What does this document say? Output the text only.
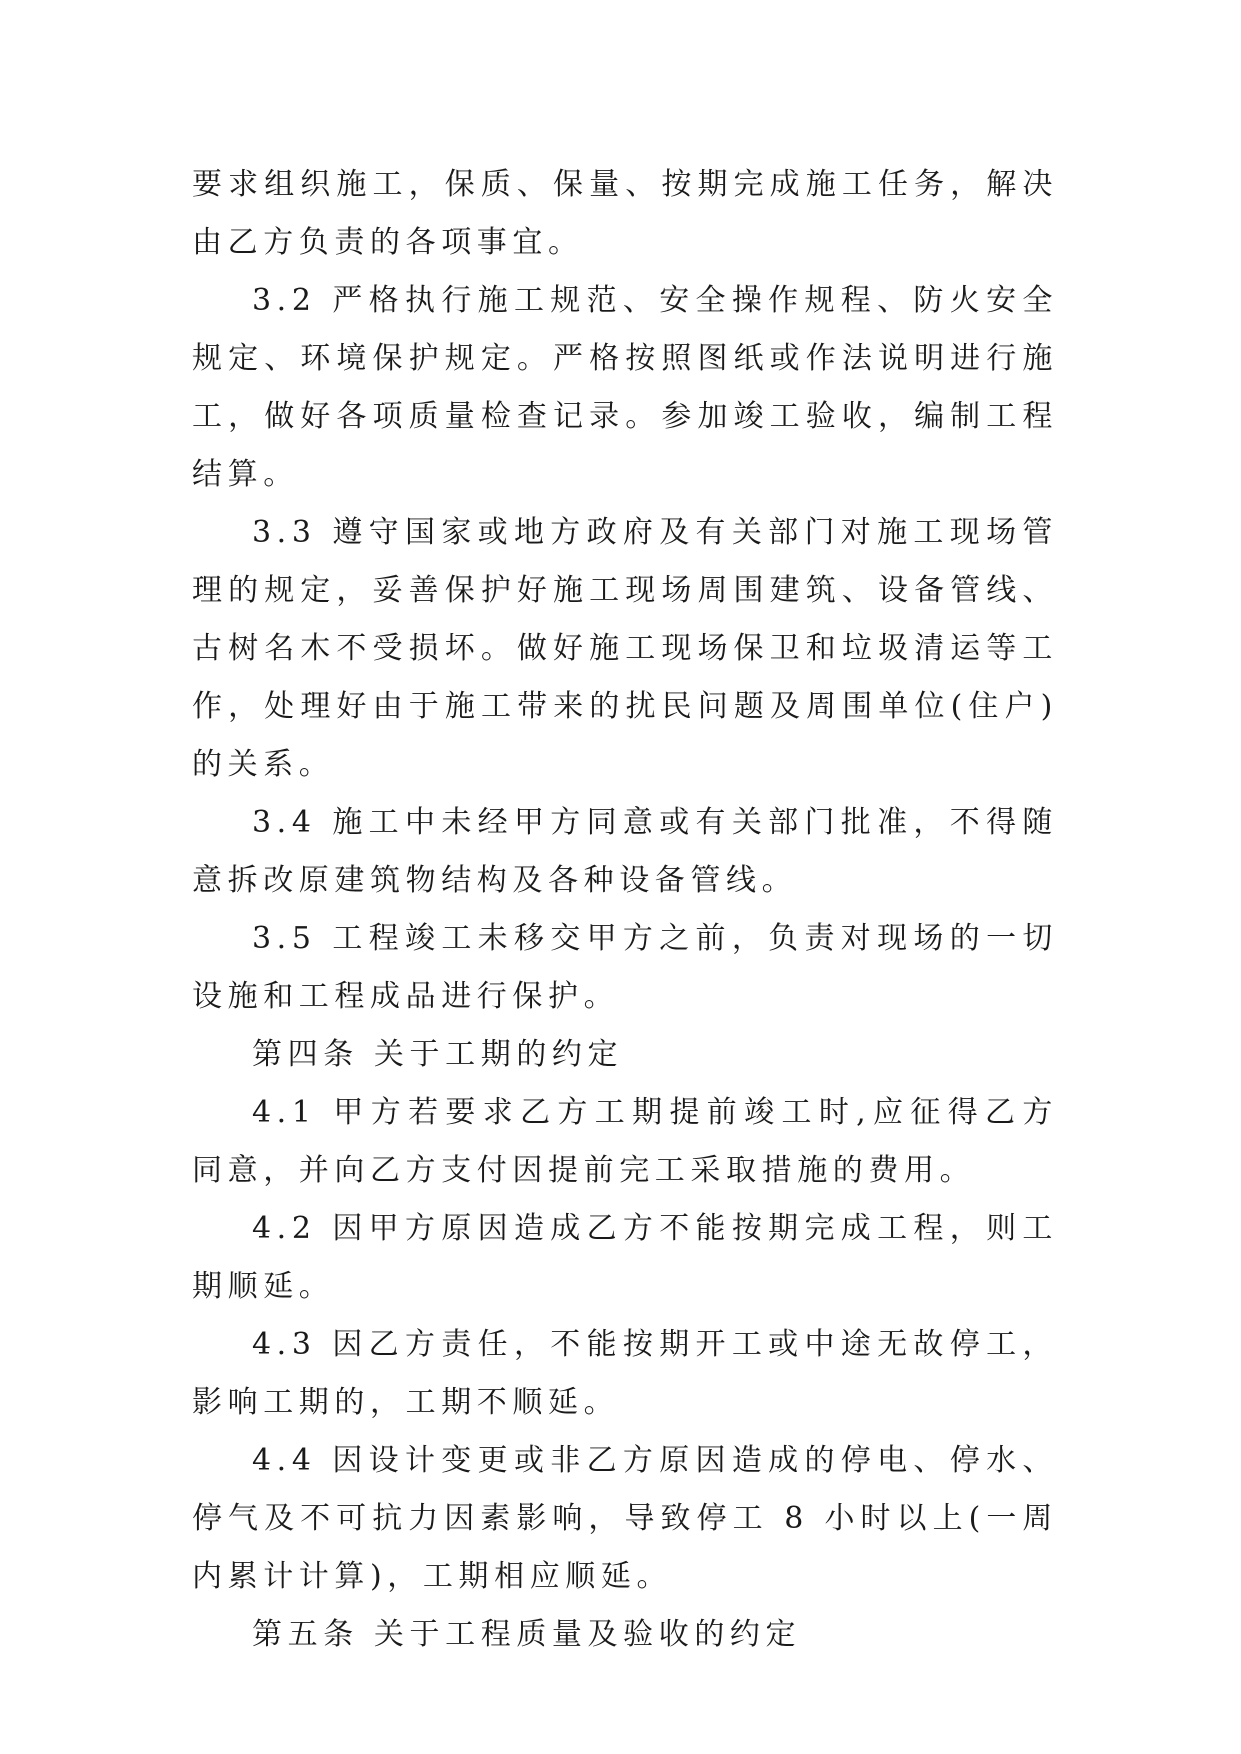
要求组织施工，保质、保量、按期完成施工任务，解决由乙方负责的各项事宜。

3.2 严格执行施工规范、安全操作规程、防火安全规定、环境保护规定。严格按照图纸或作法说明进行施工，做好各项质量检查记录。参加竣工验收，编制工程结算。

3.3 遵守国家或地方政府及有关部门对施工现场管理的规定，妥善保护好施工现场周围建筑、设备管线、古树名木不受损坏。做好施工现场保卫和垃圾清运等工作，处理好由于施工带来的扰民问题及周围单位(住户)的关系。

3.4 施工中未经甲方同意或有关部门批准，不得随意拆改原建筑物结构及各种设备管线。

3.5 工程竣工未移交甲方之前，负责对现场的一切设施和工程成品进行保护。

第四条 关于工期的约定

4.1 甲方若要求乙方工期提前竣工时,应征得乙方同意，并向乙方支付因提前完工采取措施的费用。

4.2 因甲方原因造成乙方不能按期完成工程，则工期顺延。

4.3 因乙方责任，不能按期开工或中途无故停工，影响工期的，工期不顺延。

4.4 因设计变更或非乙方原因造成的停电、停水、停气及不可抗力因素影响，导致停工 8 小时以上(一周内累计计算)，工期相应顺延。

第五条 关于工程质量及验收的约定
